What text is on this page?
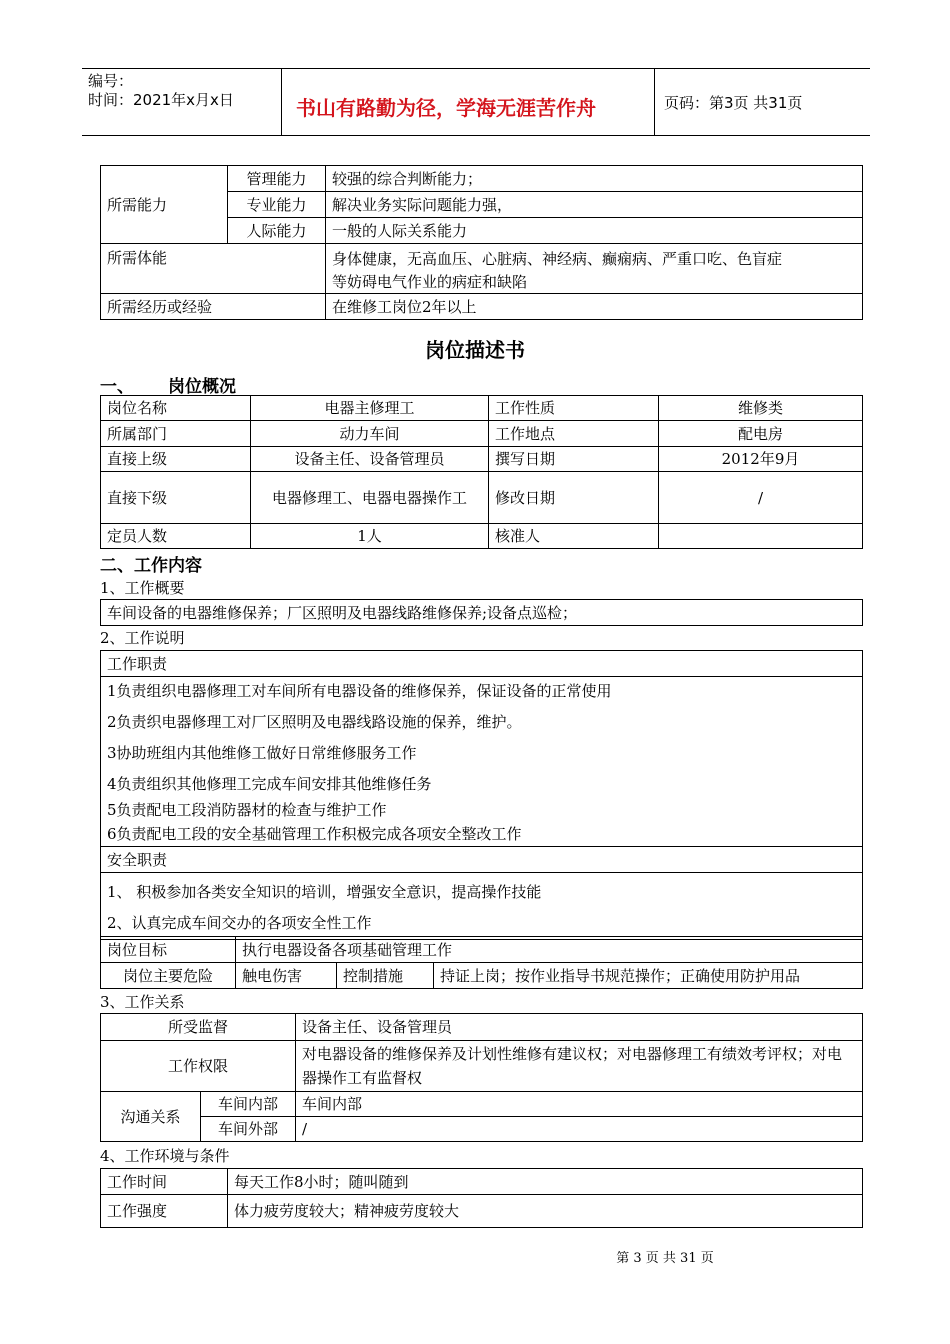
编号：
时间：2021年x月x日	书山有路勤为径，学海无涯苦作舟	页码：第3页 共31页
所需能力	管理能力	较强的综合判断能力；
	专业能力	解决业务实际问题能力强，
	人际能力	一般的人际关系能力
所需体能		身体健康，无高血压、心脏病、神经病、癫痫病、严重口吃、色盲症
等妨碍电气作业的病症和缺陷

所需经历或经验		在维修工岗位2年以上
岗位描述书
一、 岗位概况
岗位名称	电器主修理工	工作性质	维修类
所属部门	动力车间	工作地点	配电房
直接上级	设备主任、设备管理员	撰写日期	2012年9月
直接下级	电器修理工、电器电器操作工	修改日期	/
定员人数	1人	核准人	
二、工作内容
1、工作概要
车间设备的电器维修保养；厂区照明及电器线路维修保养;设备点巡检；
2、工作说明
工作职责

1负责组织电器修理工对车间所有电器设备的维修保养，保证设备的正常使用
2负责织电器修理工对厂区照明及电器线路设施的保养，维护。
3协助班组内其他维修工做好日常维修服务工作
4负责组织其他修理工完成车间安排其他维修任务
5负责配电工段消防器材的检查与维护工作
6负责配电工段的安全基础管理工作积极完成各项安全整改工作

安全职责

1、 积极参加各类安全知识的培训，增强安全意识，提高操作技能
2、认真完成车间交办的各项安全性工作
岗位目标	执行电器设备各项基础管理工作		
岗位主要危险	触电伤害	控制措施	持证上岗；按作业指导书规范操作；正确使用防护用品
3、工作关系
所受监督		设备主任、设备管理员
工作权限		对电器设备的维修保养及计划性维修有建议权；对电器修理工有绩效考评权；对电器操作工有监督权
沟通关系	车间内部	车间内部
	车间外部	/
4、工作环境与条件
工作时间	每天工作8小时；随叫随到
工作强度	体力疲劳度较大；精神疲劳度较大
第 3 页 共 31 页
